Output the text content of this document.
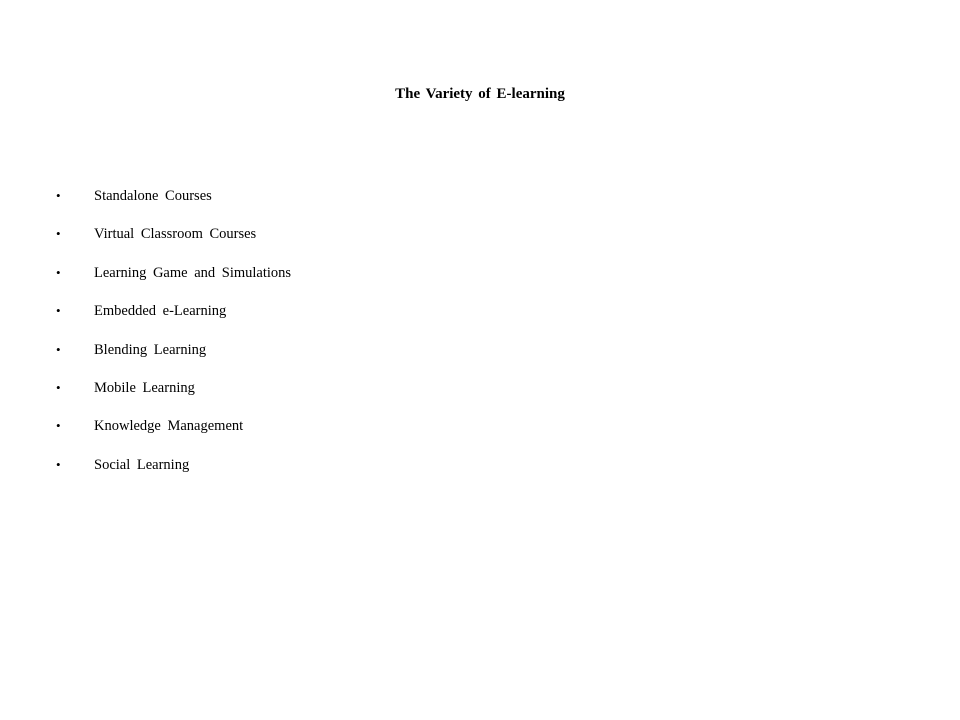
The Variety of E-learning
•	Standalone Courses
•	Virtual Classroom Courses
•	Learning Game and Simulations
•	Embedded e-Learning
•	Blending Learning
•	Mobile Learning
•	Knowledge Management
•	Social Learning
